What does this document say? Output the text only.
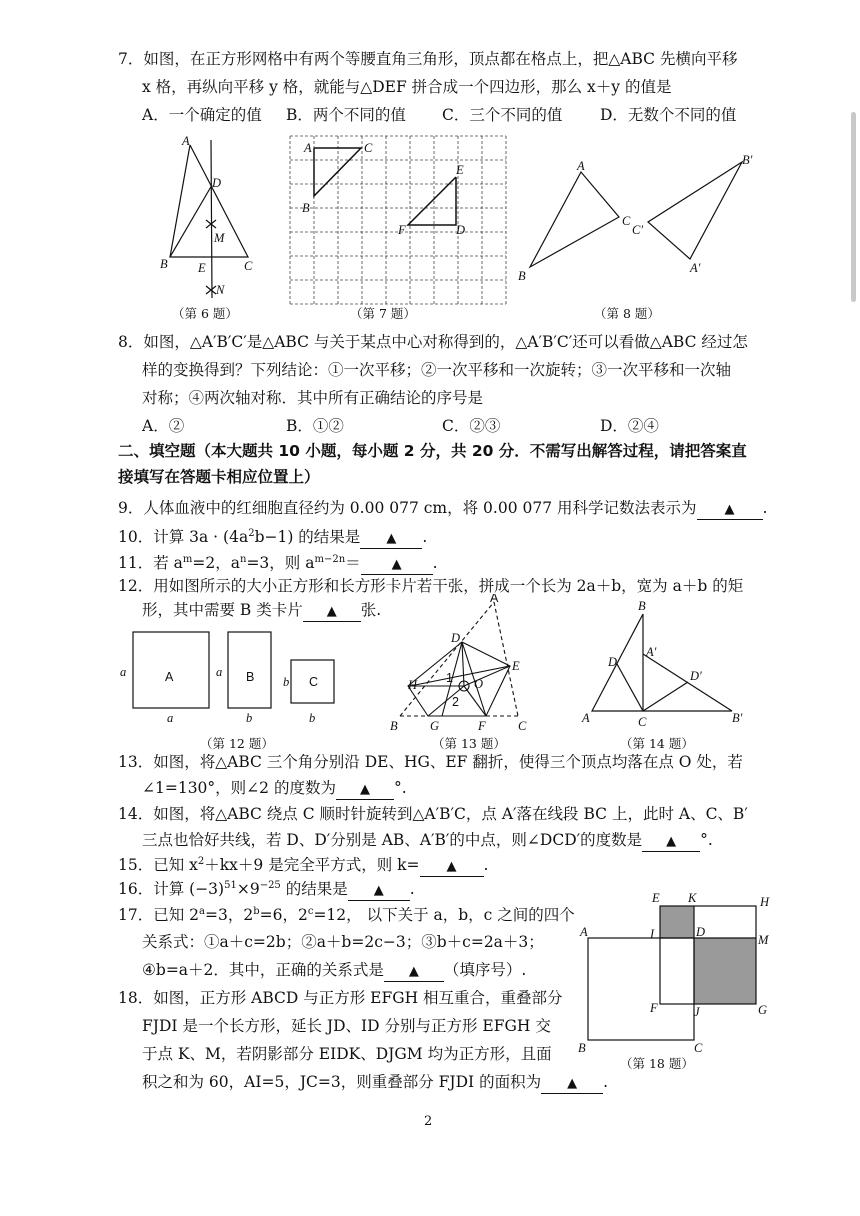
7．如图，在正方形网格中有两个等腰直角三角形，顶点都在格点上，把△ABC 先横向平移
x 格，再纵向平移 y 格，就能与△DEF 拼合成一个四边形，那么 x＋y 的值是
A．一个确定的值 B．两个不同的值 C．三个不同的值 D．无数个不同的值
A
D
M
E
N
B	C
A	C
B
E
F	D
A
C
B
B′
C′
A′
（第 6 题）	（第 7 题）	（第 8 题）
8．如图，△A′B′C′是△ABC 与关于某点中心对称得到的，△A′B′C′还可以看做△ABC 经过怎
样的变换得到？下列结论：①一次平移；②一次平移和一次旋转；③一次平移和一次轴
对称；④两次轴对称．其中所有正确结论的序号是
A．②	B．①②	C．②③	D．②④
二、填空题（本大题共 10 小题，每小题 2 分，共 20 分．不需写出解答过程，请把答案直
接填写在答题卡相应位置上）
9．人体血液中的红细胞直径约为 0.00 077 cm，将 0.00 077 用科学记数法表示为 ▲ .
10．计算 $3a \cdot (4a^2b-1)$ 的结果是 ▲ .
11．若 $a^m=2$，$a^n=3$，则 $a^{m-2n}=$ ▲ .
12．用如图所示的大小正方形和长方形卡片若干张，拼成一个长为 2a＋b，宽为 a＋b 的矩
形，其中需要 B 类卡片 ▲ 张.
A	B	C
a
a
a
b
b
b
A
D
E
H 1 O
2
B	G	F	C
B
D
A′
D′
A	C	B′
（第 12 题）	（第 13 题）	（第 14 题）
13．如图，将△ABC 三个角分别沿 DE、HG、EF 翻折，使得三个顶点均落在点 O 处，若
∠1=130°，则∠2 的度数为 ▲ °.
14．如图，将△ABC 绕点 C 顺时针旋转到△A′B′C，点 A′落在线段 BC 上，此时 A、C、B′
三点也恰好共线，若 D、D′分别是 AB、A′B′的中点，则∠DCD′的度数是 ▲ °.
15．已知 $x^2+kx+9$ 是完全平方式，则 k= ▲ .
16．计算 $(-3)^{51}\times 9^{-25}$ 的结果是 ▲ .
17．已知 $2^a=3$，$2^b=6$，$2^c=12$， 以下关于 a，b，c 之间的四个
关系式：①a＋c=2b；②a＋b=2c−3；③b＋c=2a＋3；
④b=a＋2．其中，正确的关系式是 ▲ （填序号）.
18．如图，正方形 ABCD 与正方形 EFGH 相互重合，重叠部分
FJDI 是一个长方形，延长 JD、ID 分别与正方形 EFGH 交
于点 K、M，若阴影部分 EIDK、DJGM 均为正方形，且面
积之和为 60，AI=5，JC=3，则重叠部分 FJDI 的面积为 ▲ .
E K	H
A	I	D
M
F	J	G
B	C
（第 18 题）
2
